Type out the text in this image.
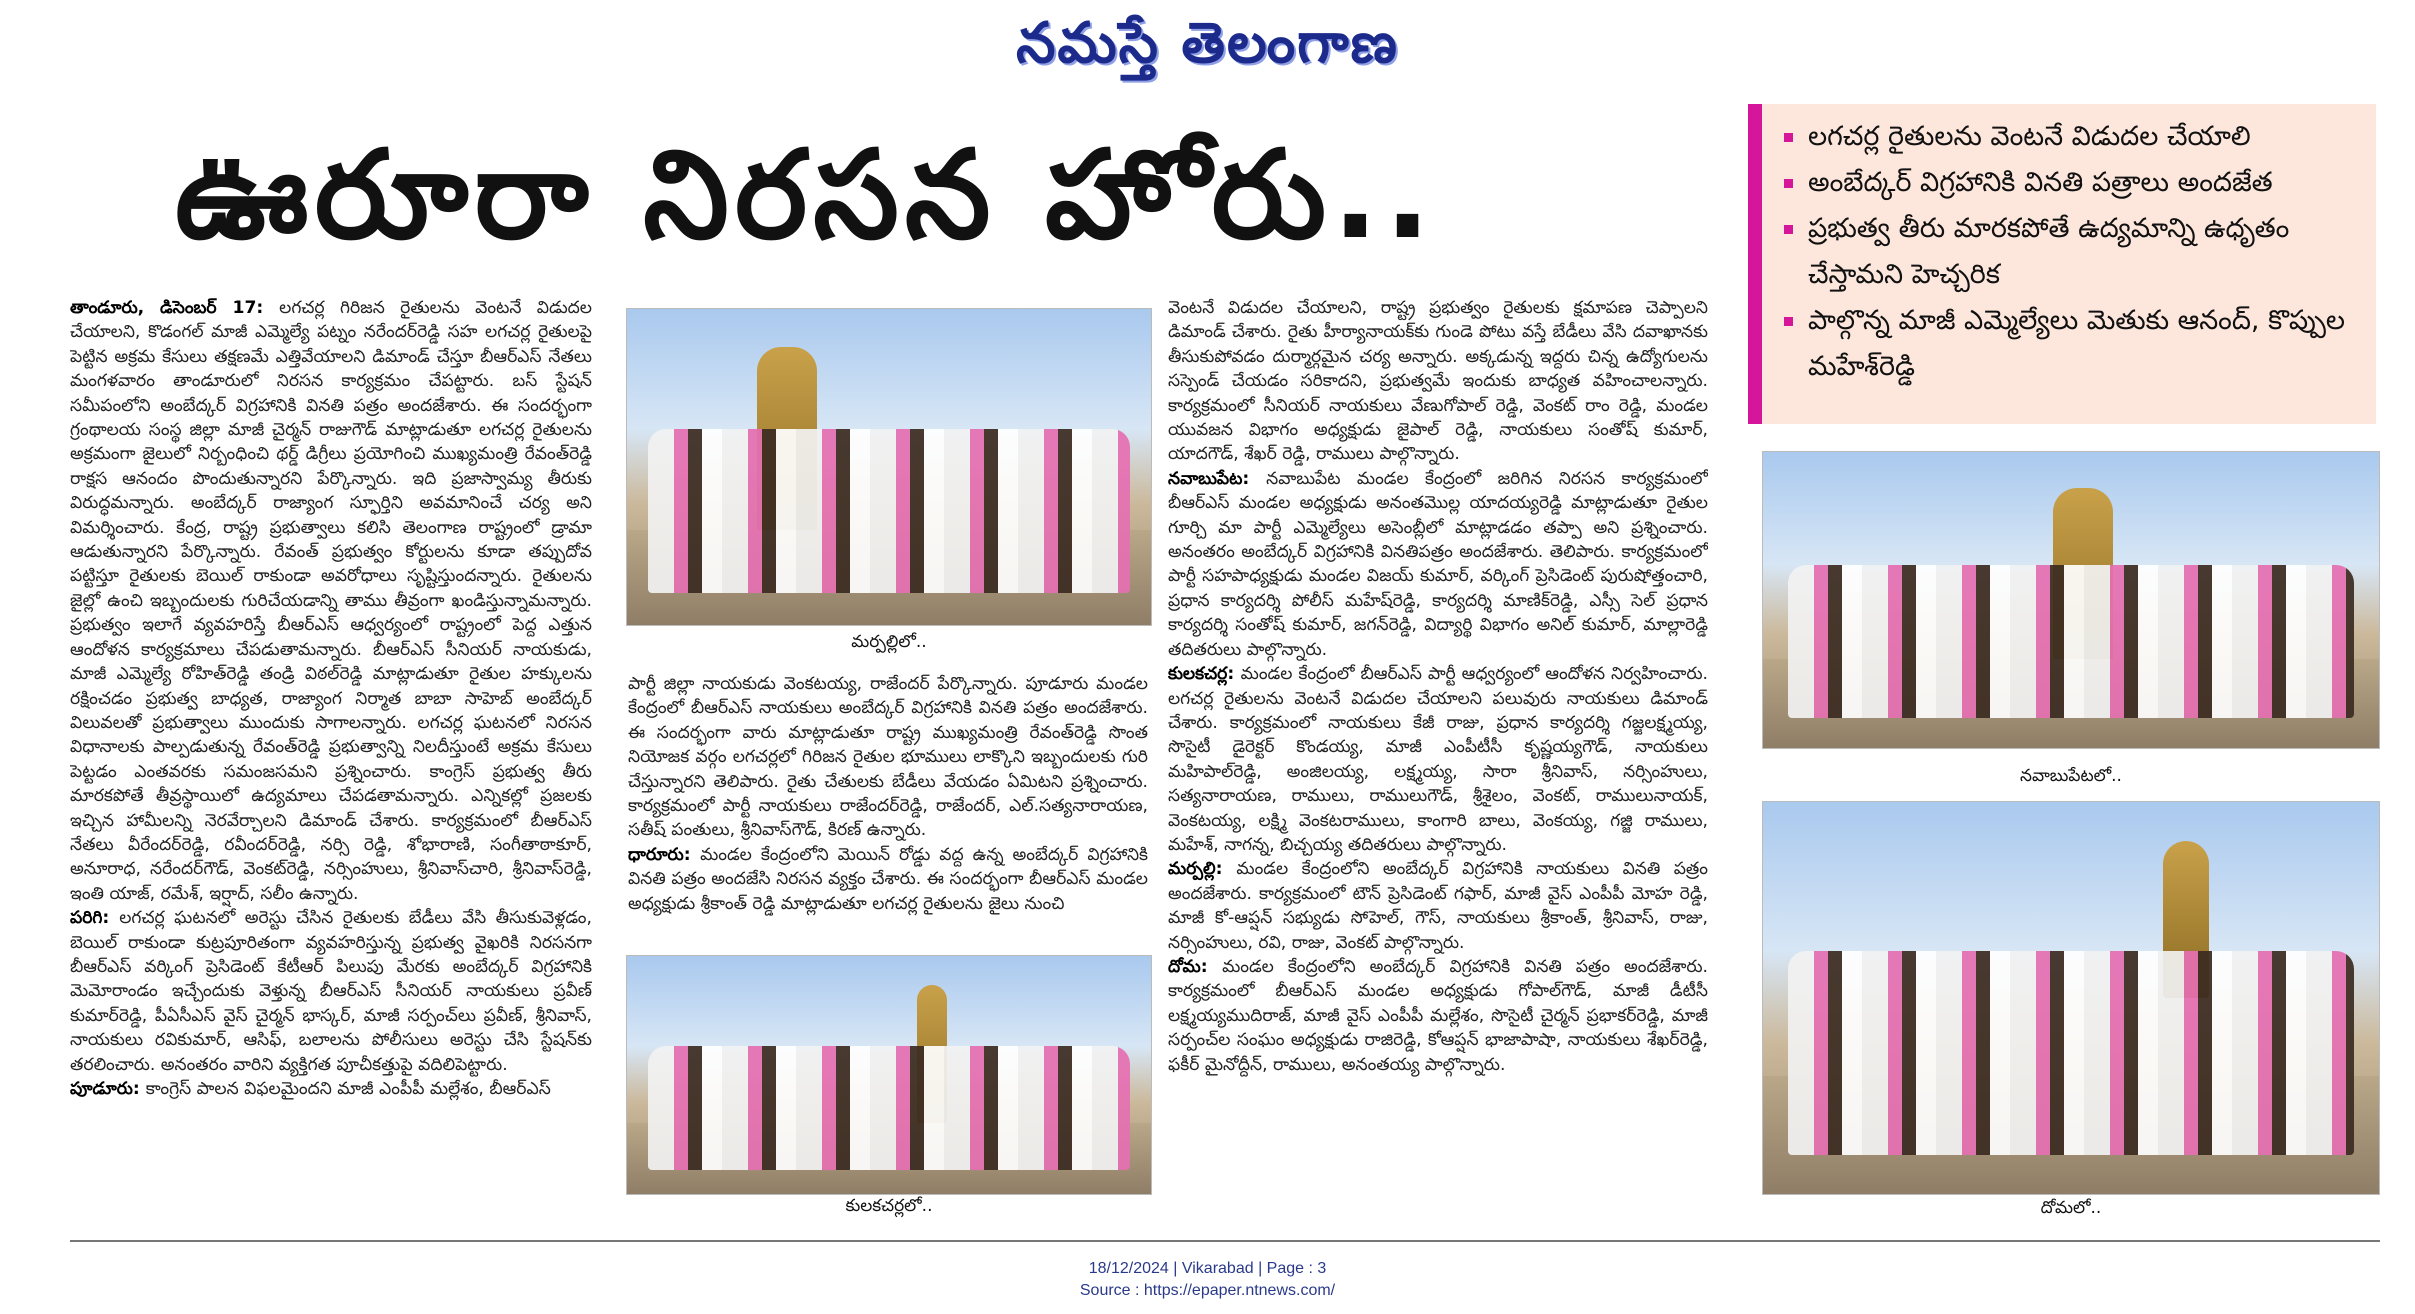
నమస్తే తెలంగాణ
ఊరూరా నిరసన హోరు..	లగచర్ల రైతులను వెంటనే విడుదల చేయాలి
అంబేద్కర్ విగ్రహానికి వినతి పత్రాలు అందజేత
ప్రభుత్వ తీరు మారకపోతే ఉద్యమాన్ని ఉధృతం చేస్తామని హెచ్చరిక
పాల్గొన్న మాజీ ఎమ్మెల్యేలు మెతుకు ఆనంద్, కొప్పుల మహేశ్‌రెడ్డి

తాండూరు, డిసెంబర్ 17: లగచర్ల గిరిజన రైతులను వెంటనే విడుదల చేయాలని, కొడంగల్ మాజీ ఎమ్మెల్యే పట్నం నరేందర్‌రెడ్డి సహ లగచర్ల రైతులపై పెట్టిన అక్రమ కేసులు తక్షణమే ఎత్తివేయాలని డిమాండ్ చేస్తూ బీఆర్‌ఎస్ నేతలు మంగళవారం తాండూరులో నిరసన కార్యక్రమం చేపట్టారు. బస్ స్టేషన్ సమీపంలోని అంబేద్కర్ విగ్రహానికి వినతి పత్రం అందజేశారు. ఈ సందర్భంగా గ్రంథాలయ సంస్థ జిల్లా మాజీ చైర్మన్ రాజుగౌడ్ మాట్లాడుతూ లగచర్ల రైతులను అక్రమంగా జైలులో నిర్బంధించి థర్డ్ డిగ్రీలు ప్రయోగించి ముఖ్యమంత్రి రేవంత్‌రెడ్డి రాక్షస ఆనందం పొందుతున్నారని పేర్కొన్నారు. ఇది ప్రజాస్వామ్య తీరుకు విరుద్ధమన్నారు. అంబేద్కర్ రాజ్యాంగ స్ఫూర్తిని అవమానించే చర్య అని విమర్శించారు. కేంద్ర, రాష్ట్ర ప్రభుత్వాలు కలిసి తెలంగాణ రాష్ట్రంలో డ్రామా ఆడుతున్నారని పేర్కొన్నారు. రేవంత్ ప్రభుత్వం కోర్టులను కూడా తప్పుదోవ పట్టిస్తూ రైతులకు బెయిల్ రాకుండా అవరోధాలు సృష్టిస్తుందన్నారు. రైతులను జైల్లో ఉంచి ఇబ్బందులకు గురిచేయడాన్ని తాము తీవ్రంగా ఖండిస్తున్నామన్నారు. ప్రభుత్వం ఇలాగే వ్యవహరిస్తే బీఆర్‌ఎస్ ఆధ్వర్యంలో రాష్ట్రంలో పెద్ద ఎత్తున ఆందోళన కార్యక్రమాలు చేపడుతామన్నారు. బీఆర్‌ఎస్ సీనియర్ నాయకుడు, మాజీ ఎమ్మెల్యే రోహిత్‌రెడ్డి తండ్రి విఠల్‌రెడ్డి మాట్లాడుతూ రైతుల హక్కులను రక్షించడం ప్రభుత్వ బాధ్యత, రాజ్యాంగ నిర్మాత బాబా సాహెబ్ అంబేద్కర్ విలువలతో ప్రభుత్వాలు ముందుకు సాగాలన్నారు. లగచర్ల ఘటనలో నిరసన విధానాలకు పాల్పడుతున్న రేవంత్‌రెడ్డి ప్రభుత్వాన్ని నిలదీస్తుంటే అక్రమ కేసులు పెట్టడం ఎంతవరకు సమంజసమని ప్రశ్నించారు. కాంగ్రెస్ ప్రభుత్వ తీరు మారకపోతే తీవ్రస్థాయిలో ఉద్యమాలు చేపడతామన్నారు. ఎన్నికల్లో ప్రజలకు ఇచ్చిన హామీలన్ని నెరవేర్చాలని డిమాండ్ చేశారు. కార్యక్రమంలో బీఆర్‌ఎస్ నేతలు వీరేందర్‌రెడ్డి, రవీందర్‌రెడ్డి, నర్సి రెడ్డి, శోభారాణి, సంగీతాఠాకూర్, అనూరాధ, నరేందర్‌గౌడ్, వెంకట్‌రెడ్డి, నర్సింహులు, శ్రీనివాస్‌చారి, శ్రీనివాస్‌రెడ్డి, ఇంతి యాజ్, రమేశ్, ఇర్షాద్, సలీం ఉన్నారు.

పరిగి: లగచర్ల ఘటనలో అరెస్టు చేసిన రైతులకు బేడీలు వేసి తీసుకువెళ్లడం, బెయిల్ రాకుండా కుట్రపూరితంగా వ్యవహరిస్తున్న ప్రభుత్వ వైఖరికి నిరసనగా బీఆర్‌ఎస్ వర్కింగ్ ప్రెసిడెంట్ కేటీఆర్ పిలుపు మేరకు అంబేద్కర్ విగ్రహానికి మెమోరాండం ఇచ్చేందుకు వెళ్తున్న బీఆర్‌ఎస్ సీనియర్ నాయకులు ప్రవీణ్ కుమార్‌రెడ్డి, పీఏసీఎస్ వైస్ చైర్మన్ భాస్కర్, మాజీ సర్పంచ్‌లు ప్రవీణ్, శ్రీనివాస్, నాయకులు రవికుమార్, ఆసిఫ్, బలాలను పోలీసులు అరెస్టు చేసి స్టేషన్‌కు తరలించారు. అనంతరం వారిని వ్యక్తిగత పూచీకత్తుపై వదిలిపెట్టారు.

పూడూరు: కాంగ్రెస్ పాలన విఫలమైందని మాజీ ఎంపీపీ మల్లేశం, బీఆర్‌ఎస్

మర్పల్లిలో..

పార్టీ జిల్లా నాయకుడు వెంకటయ్య, రాజేందర్ పేర్కొన్నారు. పూడూరు మండల కేంద్రంలో బీఆర్‌ఎస్ నాయకులు అంబేద్కర్ విగ్రహానికి వినతి పత్రం అందజేశారు. ఈ సందర్భంగా వారు మాట్లాడుతూ రాష్ట్ర ముఖ్యమంత్రి రేవంత్‌రెడ్డి సొంత నియోజక వర్గం లగచర్లలో గిరిజన రైతుల భూములు లాక్కొని ఇబ్బందులకు గురి చేస్తున్నారని తెలిపారు. రైతు చేతులకు బేడీలు వేయడం ఏమిటని ప్రశ్నించారు. కార్యక్రమంలో పార్టీ నాయకులు రాజేందర్‌రెడ్డి, రాజేందర్, ఎల్.సత్యనారాయణ, సతీష్ పంతులు, శ్రీనివాస్‌గౌడ్, కిరణ్ ఉన్నారు.

ధారూరు: మండల కేంద్రంలోని మెయిన్ రోడ్డు వద్ద ఉన్న అంబేద్కర్ విగ్రహానికి వినతి పత్రం అందజేసి నిరసన వ్యక్తం చేశారు. ఈ సందర్భంగా బీఆర్‌ఎస్ మండల అధ్యక్షుడు శ్రీకాంత్ రెడ్డి మాట్లాడుతూ లగచర్ల రైతులను జైలు నుంచి

కులకచర్లలో..

వెంటనే విడుదల చేయాలని, రాష్ట్ర ప్రభుత్వం రైతులకు క్షమాపణ చెప్పాలని డిమాండ్ చేశారు. రైతు హీర్యానాయక్‌కు గుండె పోటు వస్తే బేడీలు వేసి దవాఖానకు తీసుకుపోవడం దుర్మార్గమైన చర్య అన్నారు. అక్కడున్న ఇద్దరు చిన్న ఉద్యోగులను సస్పెండ్ చేయడం సరికాదని, ప్రభుత్వమే ఇందుకు బాధ్యత వహించాలన్నారు. కార్యక్రమంలో సీనియర్ నాయకులు వేణుగోపాల్ రెడ్డి, వెంకట్ రాం రెడ్డి, మండల యువజన విభాగం అధ్యక్షుడు జైపాల్ రెడ్డి, నాయకులు సంతోష్ కుమార్, యాదగౌడ్, శేఖర్ రెడ్డి, రాములు పాల్గొన్నారు.

నవాబుపేట: నవాబుపేట మండల కేంద్రంలో జరిగిన నిరసన కార్యక్రమంలో బీఆర్‌ఎస్ మండల అధ్యక్షుడు అనంతమొల్ల యాదయ్యరెడ్డి మాట్లాడుతూ రైతుల గూర్చి మా పార్టీ ఎమ్మెల్యేలు అసెంబ్లీలో మాట్లాడడం తప్పా అని ప్రశ్నించారు. అనంతరం అంబేద్కర్ విగ్రహానికి వినతిపత్రం అందజేశారు. తెలిపారు. కార్యక్రమంలో పార్టీ సహపాధ్యక్షుడు మండల విజయ్ కుమార్, వర్కింగ్ ప్రెసిడెంట్ పురుషోత్తంచారి, ప్రధాన కార్యదర్శి పోలీస్ మహేష్‌రెడ్డి, కార్యదర్శి మాణిక్‌రెడ్డి, ఎస్సీ సెల్ ప్రధాన కార్యదర్శి సంతోష్ కుమార్, జగన్‌రెడ్డి, విద్యార్థి విభాగం అనిల్ కుమార్, మాల్లారెడ్డి తదితరులు పాల్గొన్నారు.

కులకచర్ల: మండల కేంద్రంలో బీఆర్‌ఎస్ పార్టీ ఆధ్వర్యంలో ఆందోళన నిర్వహించారు. లగచర్ల రైతులను వెంటనే విడుదల చేయాలని పలువురు నాయకులు డిమాండ్ చేశారు. కార్యక్రమంలో నాయకులు కేజీ రాజు, ప్రధాన కార్యదర్శి గజ్జలక్ష్మయ్య, సొసైటీ డైరెక్టర్ కొండయ్య, మాజీ ఎంపీటీసీ కృష్ణయ్యగౌడ్, నాయకులు మహిపాల్‌రెడ్డి, అంజిలయ్య, లక్ష్మయ్య, సారా శ్రీనివాస్, నర్సింహులు, సత్యనారాయణ, రాములు, రాములుగౌడ్, శ్రీశైలం, వెంకట్, రాములునాయక్, వెంకటయ్య, లక్ష్మి వెంకటరాములు, కాంగారి బాలు, వెంకయ్య, గజ్జి రాములు, మహేశ్, నాగన్న, బిచ్చయ్య తదితరులు పాల్గొన్నారు.

మర్పల్లి: మండల కేంద్రంలోని అంబేద్కర్ విగ్రహానికి నాయకులు వినతి పత్రం అందజేశారు. కార్యక్రమంలో టౌన్ ప్రెసిడెంట్ గఫార్, మాజీ వైస్ ఎంపీపీ మోహ రెడ్డి, మాజీ కో-ఆప్షన్ సభ్యుడు సోహెల్, గౌస్, నాయకులు శ్రీకాంత్, శ్రీనివాస్, రాజు, నర్సింహులు, రవి, రాజు, వెంకట్ పాల్గొన్నారు.

దోమ: మండల కేంద్రంలోని అంబేద్కర్ విగ్రహానికి వినతి పత్రం అందజేశారు. కార్యక్రమంలో బీఆర్‌ఎస్ మండల అధ్యక్షుడు గోపాల్‌గౌడ్, మాజీ డీటీసీ లక్ష్మయ్యముదిరాజ్, మాజీ వైస్ ఎంపీపీ మల్లేశం, సొసైటీ చైర్మన్ ప్రభాకర్‌రెడ్డి, మాజీ సర్పంచ్‌ల సంఘం అధ్యక్షుడు రాజిరెడ్డి, కోఆప్షన్ భాజాపాషా, నాయకులు శేఖర్‌రెడ్డి, ఫకీర్ మైనోద్దీన్, రాములు, అనంతయ్య పాల్గొన్నారు.

నవాబుపేటలో..
దోమలో..
18/12/2024 | Vikarabad | Page : 3
Source : https://epaper.ntnews.com/
